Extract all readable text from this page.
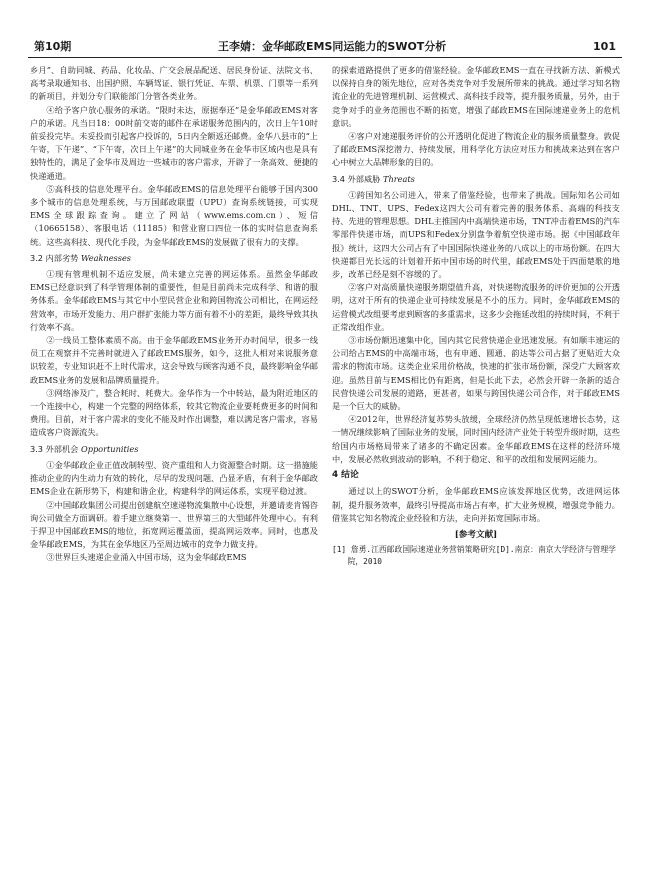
第10期	王李婧：金华邮政EMS同运能力的SWOT分析	101

乡月”、自助同城、药品、化妆品、广交会展品配送、居民身份证、法院文书、高考录取通知书、出国护照、车辆驾证、银行凭证、车票、机票、门票等一系列的新项目，并划分专门联能部门分管各类业务。

④给予客户放心服务的承诺。“限时未达，原据奉还”是金华邮政EMS对客户的承诺。凡当日18：00时前交寄的邮件在承诺服务范围内的，次日上午10时前妥投完毕。未妥投而引起客户投诉的，5日内全额返还邮费。金华八县市的“上午寄，下午递”、“下午寄，次日上午递”的大同城业务在金华市区域内也是具有独特性的，满足了金华市及周边一些城市的客户需求，开辟了一条高效、便捷的快递通道。

⑤高科技的信息处理平台。金华邮政EMS的信息处理平台能够于国内300多个城市的信息处理系统，与万国邮政联盟（UPU）查询系统链接，可实现EMS全球跟踪查询。建立了网站（www.ems.com.cn）、短信（10665158）、客服电话（11185）和营业窗口四位一体的实时信息查询系统。这些高科技、现代化手段，为金华邮政EMS的发展做了很有力的支撑。

3.2 内部劣势 Weaknesses

①现有管理机制不适应发展，尚未建立完善的网运体系。虽然金华邮政EMS已经意识到了科学管理体制的重要性，但是目前尚未完成科学、和谐的服务体系。金华邮政EMS与其它中小型民营企业和跨国物流公司相比，在网运经营效率，市场开发能力、用户群扩张能力等方面有着不小的差距，最终导致其执行效率不高。

②一线员工整体素质不高。由于金华邮政EMS业务开办时间早，很多一线员工在观察并不完善时就进入了邮政EMS服务，如今，这批人相对来说服务意识较差，专业知识赶不上时代需求，这会导致与顾客沟通不良，最终影响金华邮政EMS业务的发展和品牌质量提升。

③网络渗及广，整合耗时、耗费大。金华作为一个中转站，最为附近地区的一个连接中心，构建一个完整的网络体系，较其它物流企业要耗费更多的时间和费用。目前，对于客户需求的变化不能及时作出调整，难以满足客户需求，容易造成客户资源流失。

3.3 外部机会 Opportunities

①金华邮政企业正值改制转型、资产重组和人力资源整合时期。这一措施能推动企业的内生动力有效的转化，尽早的发现问题、凸显矛盾，有利于金华邮政EMS企业在新形势下，构建和谐企业，构建科学的网运体系，实现平稳过渡。

②中国邮政集团公司提出创建航空速递物流集散中心设想，并邀请麦肯锡咨询公司做全方面调研。着手建立继葵第一、世界第三的大型邮件处理中心。有利于捍卫中国邮政EMS的地位，拓宽网运覆盖面，提高网运效率。同时，也惠及金华邮政EMS，为其在金华地区乃至周边城市的竞争力做支持。

③世界巨头速递企业涌入中国市场，这为金华邮政EMS

的探索道路提供了更多的借鉴经验。金华邮政EMS一直在寻找新方法、新模式以保持自身的领先地位，应对各类竞争对手发展所带来的挑战。通过学习知名物流企业的先进管理机制、运营模式、高科技手段等，提升服务质量，另外，由于竞争对手的业务范围也不断的拓宽，增强了邮政EMS在国际速递业务上的危机意识。

④客户对速递服务评价的公开透明化促进了物流企业的服务质量整身。敦促了邮政EMS深挖潜力、持续发展，用科学化方法应对压力和挑战来达到在客户心中树立大品牌形象的目的。

3.4 外部威胁 Threats

①跨国知名公司进入，带来了借鉴经验，也带来了挑战。国际知名公司如DHL、TNT、UPS、Fedex这四大公司有着完善的服务体系、高端的科技支持、先进的管理思想。DHL主推国内中高端快递市场，TNT冲击着EMS的汽车零部件快递市场，而UPS和Fedex分别盘争着航空快递市场。据《中国邮政年报》统计，这四大公司占有了中国国际快递业务的八成以上的市场份额。在四大快递都目光长远的计划着开拓中国市场的时代里，邮政EMS处于四面楚歌的地步，改革已经是刻不容缓的了。

②客户对高质量快递服务期望值升高，对快递物流服务的评价更加的公开透明，这对于所有的快递企业可持续发展是不小的压力。同时，金华邮政EMS的运营模式改组要考虑到顾客的多重需求，这多少会拖延改组的持续时间，不利于正常改组作业。

③市场份额迅速集中化，国内其它民营快递企业迅速发展。有如顺丰速运的公司给占EMS的中高端市场，也有申通、圆通、韵达等公司占据了更贴近大众需求的物流市场。这类企业采用价格战，快速的扩张市场份额，深受广大顾客欢迎。虽然目前与EMS相比仍有距离，但是长此下去，必然会开辟一条新的适合民营快递公司发展的道路，更甚者，如果与跨国快递公司合作，对于邮政EMS是一个巨大的威胁。

④2012年，世界经济复苏势头放缓，全球经济仍然呈现低速增长态势，这一情况继续影响了国际业务的发展，同时国内经济产业处于转型升级时期，这些给国内市场格局带来了诸多的不确定因素。金华邮政EMS在这样的经济环境中，发展必然收到波动的影响，不利于稳定、和平的改组和发展网运能力。

4 结论

通过以上的SWOT分析，金华邮政EMS应该发挥地区优势，改进网运体制，提升服务效率，最终引导提高市场占有率，扩大业务规模，增强竞争能力。借鉴其它知名物流企业经验和方法，走向并拓宽国际市场。

[参考文献]
[1] 詹勇.江西邮政国际速递业务营销策略研究[D].南京：南京大学经济与管理学院，2010
